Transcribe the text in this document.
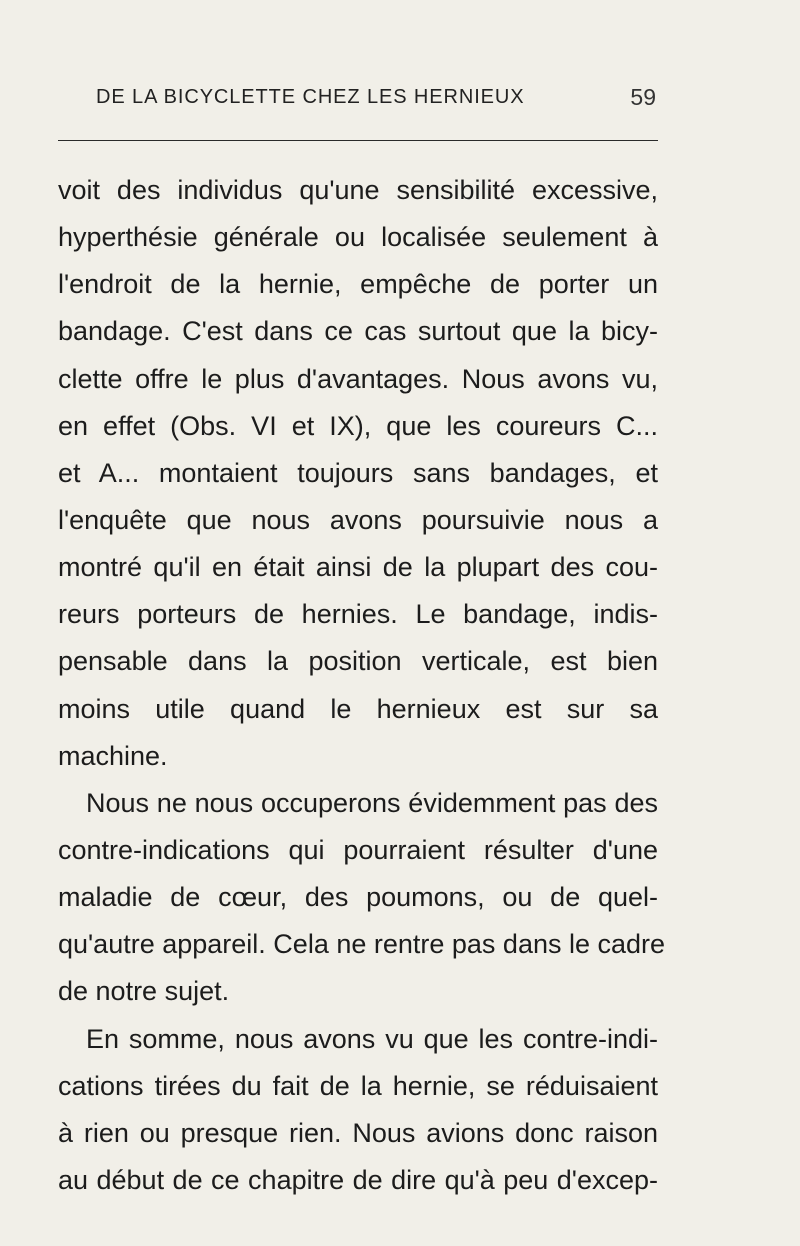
DE LA BICYCLETTE CHEZ LES HERNIEUX	59
voit des individus qu'une sensibilité excessive,
hyperthésie générale ou localisée seulement à
l'endroit de la hernie, empêche de porter un
bandage. C'est dans ce cas surtout que la bicy-
clette offre le plus d'avantages. Nous avons vu,
en effet (Obs. VI et IX), que les coureurs C...
et A... montaient toujours sans bandages, et
l'enquête que nous avons poursuivie nous a
montré qu'il en était ainsi de la plupart des cou-
reurs porteurs de hernies. Le bandage, indis-
pensable dans la position verticale, est bien
moins utile quand le hernieux est sur sa
machine.
Nous ne nous occuperons évidemment pas des
contre-indications qui pourraient résulter d'une
maladie de cœur, des poumons, ou de quel-
qu'autre appareil. Cela ne rentre pas dans le cadre
de notre sujet.
En somme, nous avons vu que les contre-indi-
cations tirées du fait de la hernie, se réduisaient
à rien ou presque rien. Nous avions donc raison
au début de ce chapitre de dire qu'à peu d'excep-
